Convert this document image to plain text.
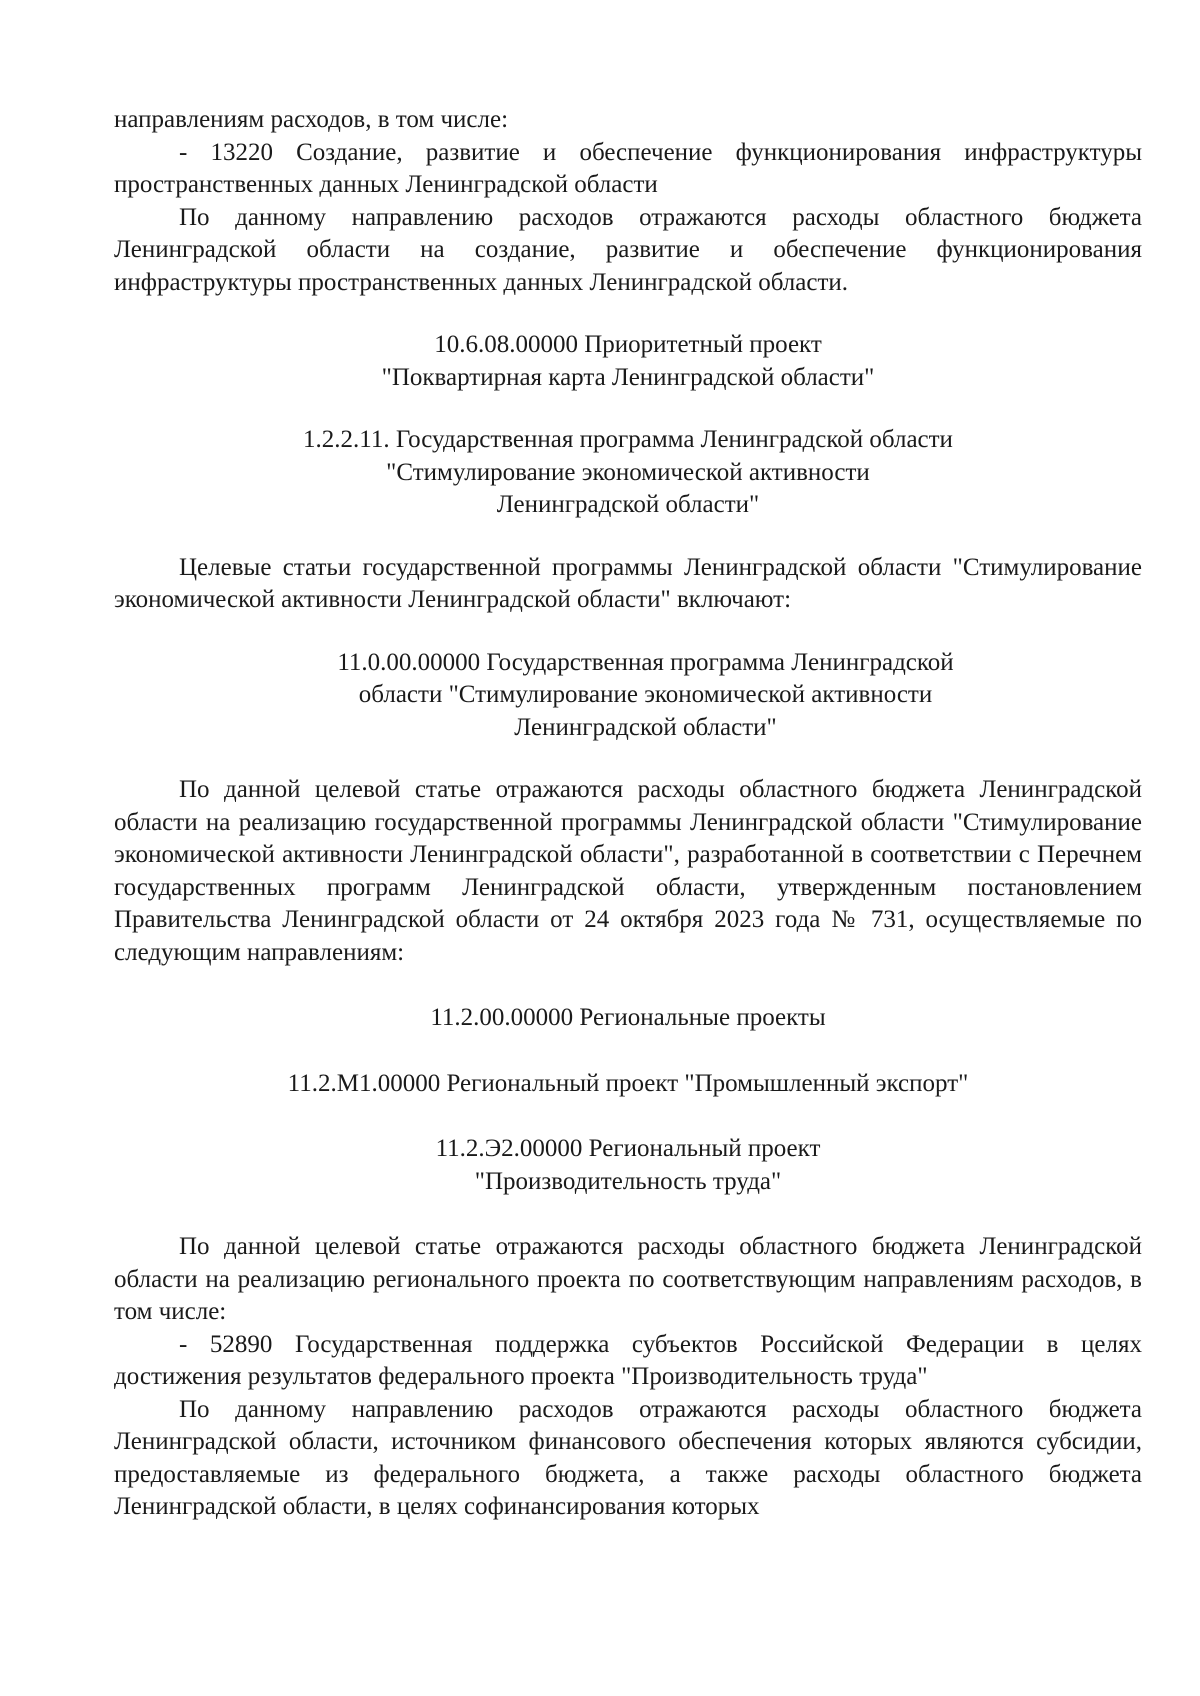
направлениям расходов, в том числе:

- 13220 Создание, развитие и обеспечение функционирования инфраструктуры пространственных данных Ленинградской области

По данному направлению расходов отражаются расходы областного бюджета Ленинградской области на создание, развитие и обеспечение функционирования инфраструктуры пространственных данных Ленинградской области.

10.6.08.00000 Приоритетный проект

"Поквартирная карта Ленинградской области"

1.2.2.11. Государственная программа Ленинградской области

"Стимулирование экономической активности

Ленинградской области"

Целевые статьи государственной программы Ленинградской области "Стимулирование экономической активности Ленинградской области" включают:

11.0.00.00000 Государственная программа Ленинградской

области "Стимулирование экономической активности

Ленинградской области"

По данной целевой статье отражаются расходы областного бюджета Ленинградской области на реализацию государственной программы Ленинградской области "Стимулирование экономической активности Ленинградской области", разработанной в соответствии с Перечнем государственных программ Ленинградской области, утвержденным постановлением Правительства Ленинградской области от 24 октября 2023 года № 731, осуществляемые по следующим направлениям:

11.2.00.00000 Региональные проекты

11.2.М1.00000 Региональный проект "Промышленный экспорт"

11.2.Э2.00000 Региональный проект

"Производительность труда"

По данной целевой статье отражаются расходы областного бюджета Ленинградской области на реализацию регионального проекта по соответствующим направлениям расходов, в том числе:

- 52890 Государственная поддержка субъектов Российской Федерации в целях достижения результатов федерального проекта "Производительность труда"

По данному направлению расходов отражаются расходы областного бюджета Ленинградской области, источником финансового обеспечения которых являются субсидии, предоставляемые из федерального бюджета, а также расходы областного бюджета Ленинградской области, в целях софинансирования которых
